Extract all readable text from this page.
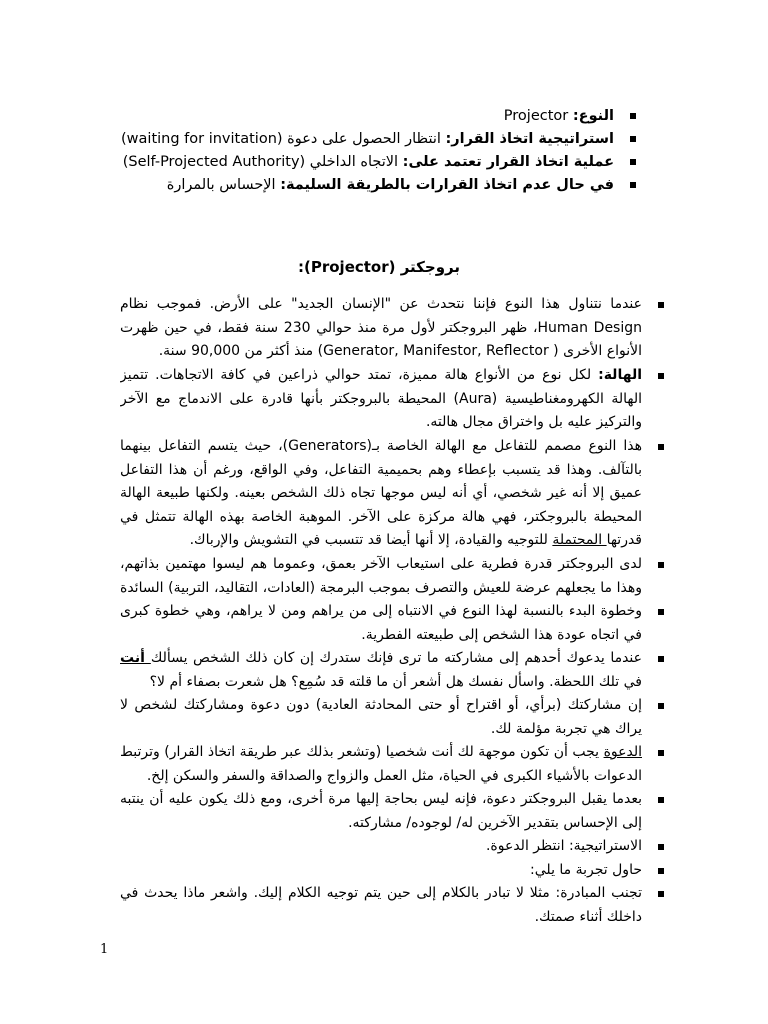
النوع: Projector
استراتيجية اتخاذ القرار: انتظار الحصول على دعوة (waiting for invitation)
عملية اتخاذ القرار تعتمد على: الاتجاه الداخلي (Self-Projected Authority)
في حال عدم اتخاذ القرارات بالطريقة السليمة: الإحساس بالمرارة
بروجكتر (Projector):
عندما نتناول هذا النوع فإننا نتحدث عن "الإنسان الجديد" على الأرض. فموجب نظام Human Design، ظهر البروجكتر لأول مرة منذ حوالي 230 سنة فقط، في حين ظهرت الأنواع الأخرى ( Generator, Manifestor, Reflector) منذ أكثر من 90,000 سنة.
الهالة: لكل نوع من الأنواع هالة مميزة، تمتد حوالي ذراعين في كافة الاتجاهات. تتميز الهالة الكهرومغناطيسية (Aura) المحيطة بالبروجكتر بأنها قادرة على الاندماج مع الآخر والتركيز عليه بل واختراق مجال هالته.
هذا النوع مصمم للتفاعل مع الهالة الخاصة بـ(Generators)، حيث يتسم التفاعل بينهما بالتآلف. وهذا قد يتسبب بإعطاء وهم بحميمية التفاعل، وفي الواقع، ورغم أن هذا التفاعل عميق إلا أنه غير شخصي، أي أنه ليس موجها تجاه ذلك الشخص بعينه. ولكنها طبيعة الهالة المحيطة بالبروجكتر، فهي هالة مركزة على الآخر. الموهبة الخاصة بهذه الهالة تتمثل في قدرتها المحتملة للتوجيه والقيادة، إلا أنها أيضا قد تتسبب في التشويش والإرباك.
لدى البروجكتر قدرة فطرية على استيعاب الآخر بعمق، وعموما هم ليسوا مهتمين بذاتهم، وهذا ما يجعلهم عرضة للعيش والتصرف بموجب البرمجة (العادات، التقاليد، التربية) السائدة
وخطوة البدء بالنسبة لهذا النوع في الانتباه إلى من يراهم ومن لا يراهم، وهي خطوة كبرى في اتجاه عودة هذا الشخص إلى طبيعته الفطرية.
عندما يدعوك أحدهم إلى مشاركته ما ترى فإنك ستدرك إن كان ذلك الشخص يسألك أنت في تلك اللحظة. واسأل نفسك هل أشعر أن ما قلته قد سُمِع؟ هل شعرت بصفاء أم لا؟
إن مشاركتك (برأي، أو اقتراح أو حتى المحادثة العادية) دون دعوة ومشاركتك لشخص لا يراك هي تجربة مؤلمة لك.
الدعوة يجب أن تكون موجهة لك أنت شخصيا (وتشعر بذلك عبر طريقة اتخاذ القرار) وترتبط الدعوات بالأشياء الكبرى في الحياة، مثل العمل والزواج والصداقة والسفر والسكن إلخ.
بعدما يقبل البروجكتر دعوة، فإنه ليس بحاجة إليها مرة أخرى، ومع ذلك يكون عليه أن ينتبه إلى الإحساس بتقدير الآخرين له/ لوجوده/ مشاركته.
الاستراتيجية: انتظر الدعوة.
حاول تجربة ما يلي:
تجنب المبادرة: مثلا لا تبادر بالكلام إلى حين يتم توجيه الكلام إليك. واشعر ماذا يحدث في داخلك أثناء صمتك.
1
